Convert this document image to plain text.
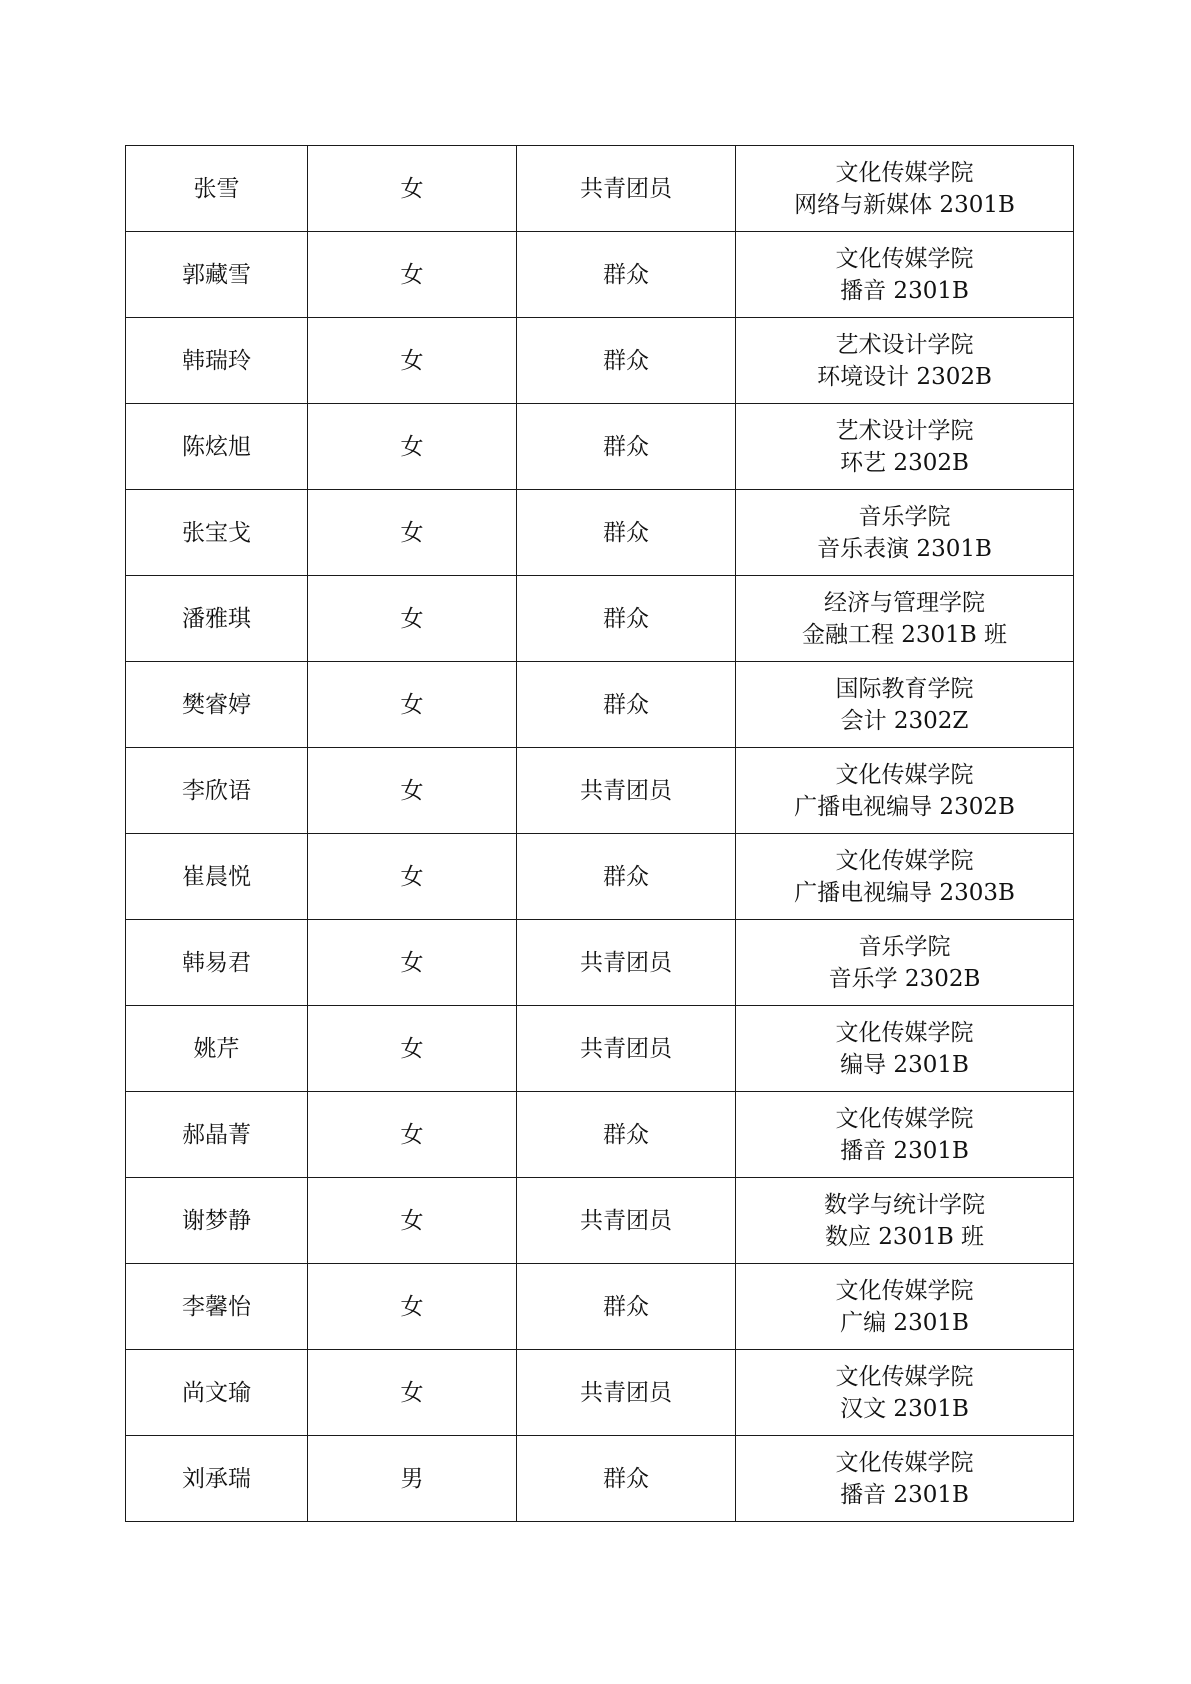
张雪	女	共青团员	文化传媒学院
网络与新媒体 2301B

郭藏雪	女	群众	文化传媒学院
播音 2301B

韩瑞玲	女	群众	艺术设计学院
环境设计 2302B

陈炫旭	女	群众	艺术设计学院
环艺 2302B

张宝戈	女	群众	音乐学院
音乐表演 2301B

潘雅琪	女	群众	经济与管理学院
金融工程 2301B 班

樊睿婷	女	群众	国际教育学院
会计 2302Z

李欣语	女	共青团员	文化传媒学院
广播电视编导 2302B

崔晨悦	女	群众	文化传媒学院
广播电视编导 2303B

韩易君	女	共青团员	音乐学院
音乐学 2302B

姚芹	女	共青团员	文化传媒学院
编导 2301B

郝晶菁	女	群众	文化传媒学院
播音 2301B

谢梦静	女	共青团员	数学与统计学院
数应 2301B 班

李馨怡	女	群众	文化传媒学院
广编 2301B

尚文瑜	女	共青团员	文化传媒学院
汉文 2301B

刘承瑞	男	群众	文化传媒学院
播音 2301B
